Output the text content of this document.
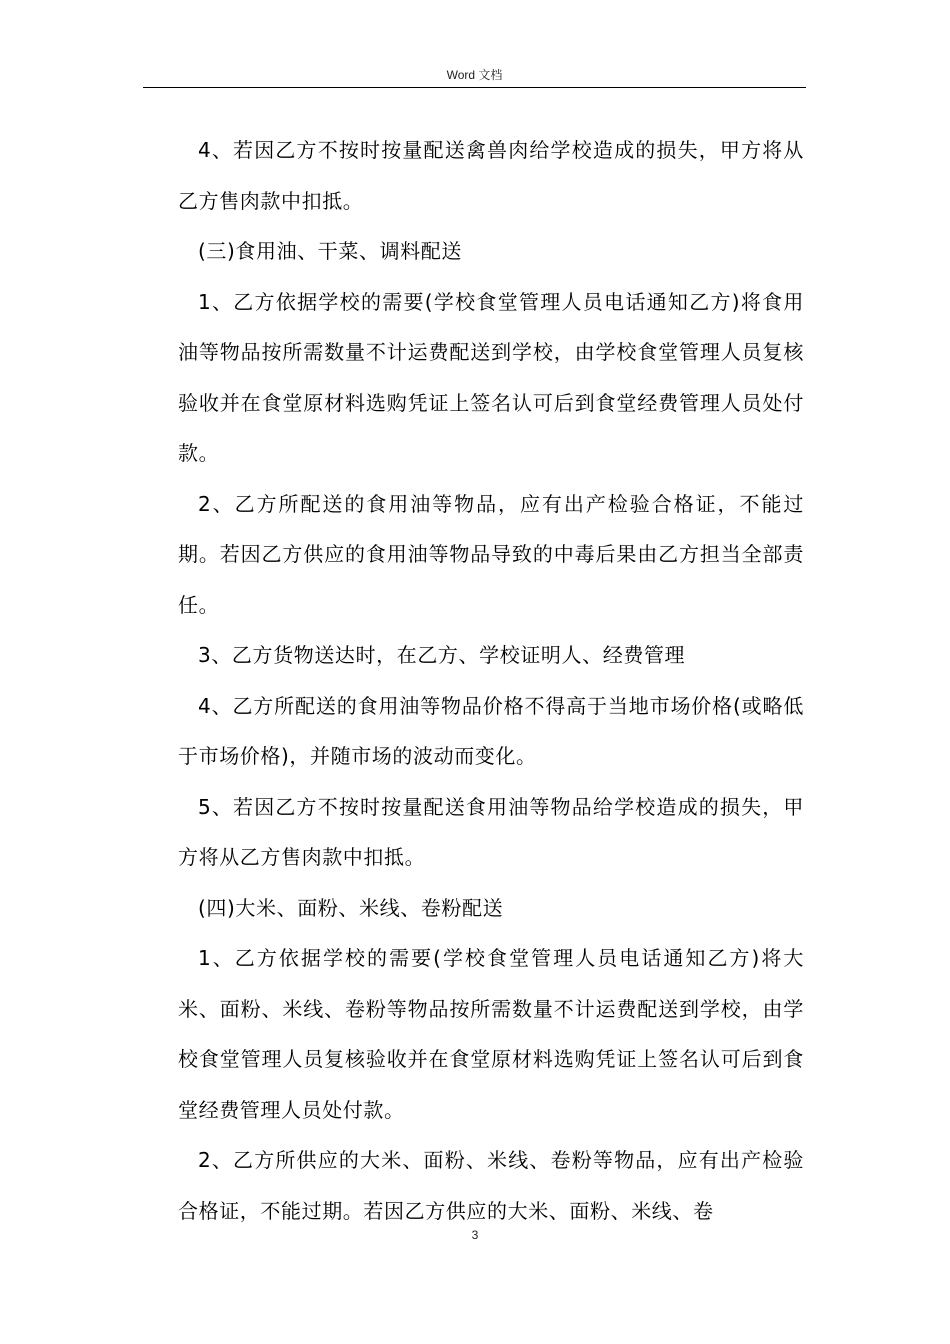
Word 文档

4、若因乙方不按时按量配送禽兽肉给学校造成的损失，甲方将从乙方售肉款中扣抵。

(三)食用油、干菜、调料配送

1、乙方依据学校的需要(学校食堂管理人员电话通知乙方)将食用油等物品按所需数量不计运费配送到学校，由学校食堂管理人员复核验收并在食堂原材料选购凭证上签名认可后到食堂经费管理人员处付款。

2、乙方所配送的食用油等物品，应有出产检验合格证，不能过期。若因乙方供应的食用油等物品导致的中毒后果由乙方担当全部责任。

3、乙方货物送达时，在乙方、学校证明人、经费管理

4、乙方所配送的食用油等物品价格不得高于当地市场价格(或略低于市场价格)，并随市场的波动而变化。

5、若因乙方不按时按量配送食用油等物品给学校造成的损失，甲方将从乙方售肉款中扣抵。

(四)大米、面粉、米线、卷粉配送

1、乙方依据学校的需要(学校食堂管理人员电话通知乙方)将大米、面粉、米线、卷粉等物品按所需数量不计运费配送到学校，由学校食堂管理人员复核验收并在食堂原材料选购凭证上签名认可后到食堂经费管理人员处付款。

2、乙方所供应的大米、面粉、米线、卷粉等物品，应有出产检验合格证，不能过期。若因乙方供应的大米、面粉、米线、卷

3
